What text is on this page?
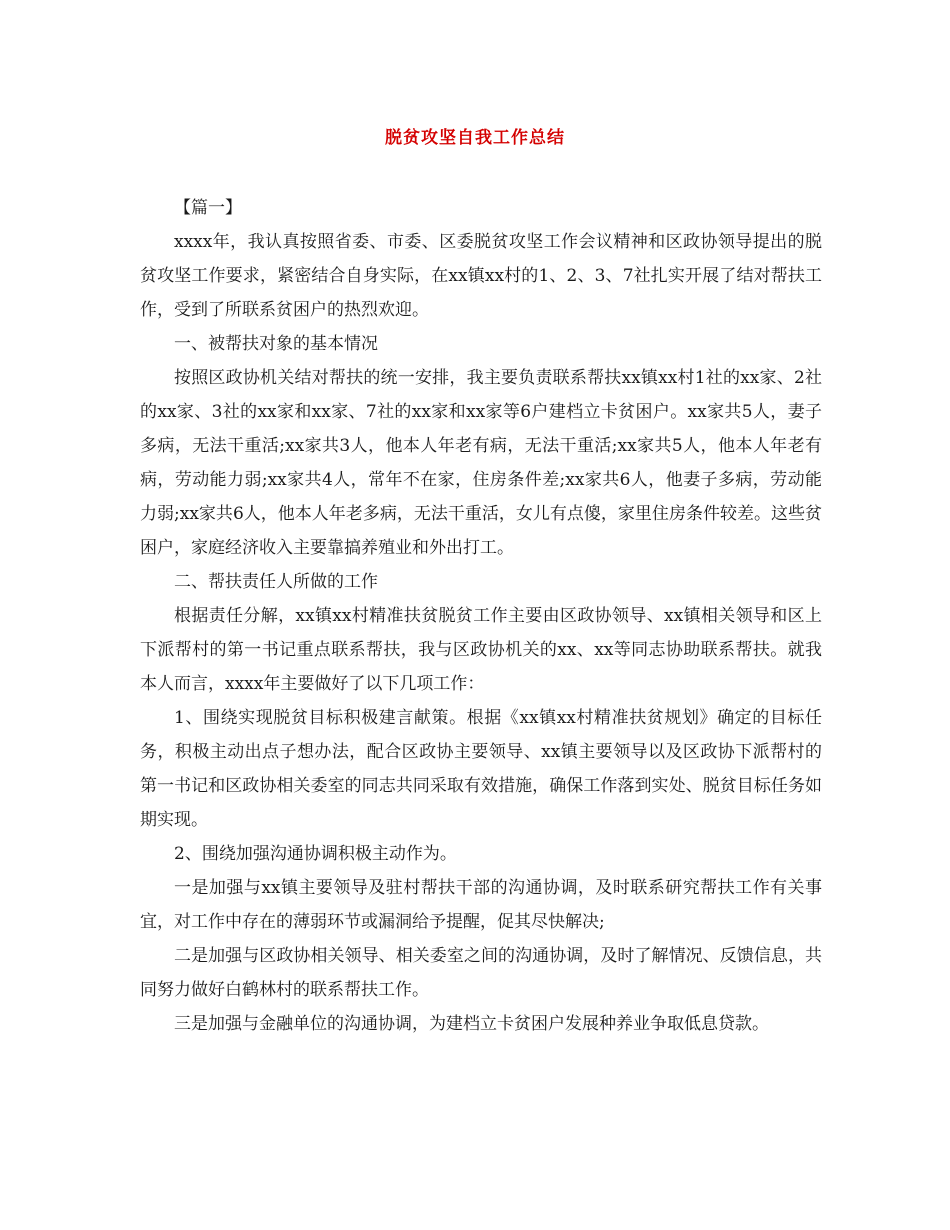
脱贫攻坚自我工作总结

【篇一】

xxxx年，我认真按照省委、市委、区委脱贫攻坚工作会议精神和区政协领导提出的脱贫攻坚工作要求，紧密结合自身实际，在xx镇xx村的1、2、3、7社扎实开展了结对帮扶工作，受到了所联系贫困户的热烈欢迎。

一、被帮扶对象的基本情况

按照区政协机关结对帮扶的统一安排，我主要负责联系帮扶xx镇xx村1社的xx家、2社的xx家、3社的xx家和xx家、7社的xx家和xx家等6户建档立卡贫困户。xx家共5人，妻子多病，无法干重活;xx家共3人，他本人年老有病，无法干重活;xx家共5人，他本人年老有病，劳动能力弱;xx家共4人，常年不在家，住房条件差;xx家共6人，他妻子多病，劳动能力弱;xx家共6人，他本人年老多病，无法干重活，女儿有点傻，家里住房条件较差。这些贫困户，家庭经济收入主要靠搞养殖业和外出打工。

二、帮扶责任人所做的工作

根据责任分解，xx镇xx村精准扶贫脱贫工作主要由区政协领导、xx镇相关领导和区上下派帮村的第一书记重点联系帮扶，我与区政协机关的xx、xx等同志协助联系帮扶。就我本人而言，xxxx年主要做好了以下几项工作：

1、围绕实现脱贫目标积极建言献策。根据《xx镇xx村精准扶贫规划》确定的目标任务，积极主动出点子想办法，配合区政协主要领导、xx镇主要领导以及区政协下派帮村的第一书记和区政协相关委室的同志共同采取有效措施，确保工作落到实处、脱贫目标任务如期实现。

2、围绕加强沟通协调积极主动作为。

一是加强与xx镇主要领导及驻村帮扶干部的沟通协调，及时联系研究帮扶工作有关事宜，对工作中存在的薄弱环节或漏洞给予提醒，促其尽快解决;

二是加强与区政协相关领导、相关委室之间的沟通协调，及时了解情况、反馈信息，共同努力做好白鹤林村的联系帮扶工作。

三是加强与金融单位的沟通协调，为建档立卡贫困户发展种养业争取低息贷款。
